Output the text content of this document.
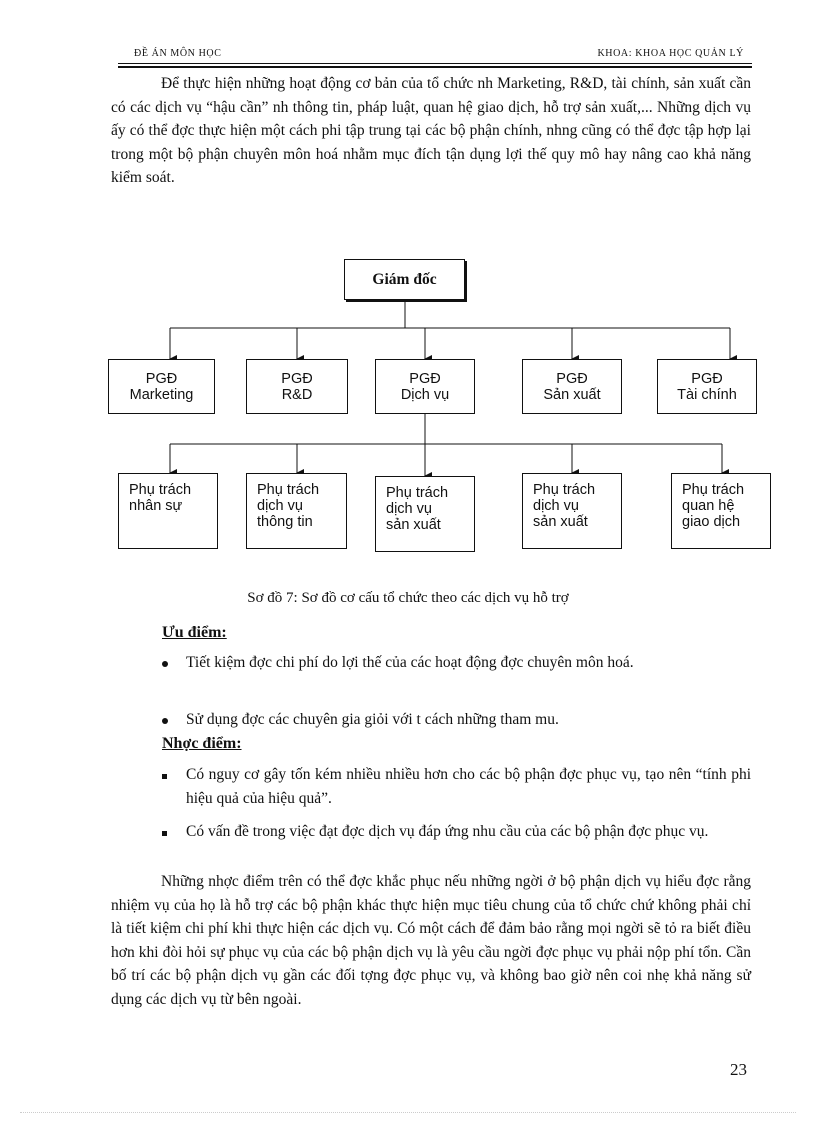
ĐỀ ÁN MÔN HỌC	KHOA: KHOA HỌC QUẢN LÝ

Để thực hiện những hoạt động cơ bản của tổ chức nh Marketing, R&D, tài chính, sản xuất cần có các dịch vụ “hậu cần” nh thông tin, pháp luật, quan hệ giao dịch, hỗ trợ sản xuất,... Những dịch vụ ấy có thể đợc thực hiện một cách phi tập trung tại các bộ phận chính, nhng cũng có thể đợc tập hợp lại trong một bộ phận chuyên môn hoá nhằm mục đích tận dụng lợi thế quy mô hay nâng cao khả năng kiểm soát.

Giám đốc
PGĐ
Marketing
PGĐ
R&D
PGĐ
Dịch vụ
PGĐ
Sản xuất
PGĐ
Tài chính
Phụ trách
nhân sự
Phụ trách
dịch vụ
thông tin
Phụ trách
dịch vụ
sản xuất
Phụ trách
dịch vụ
sản xuất
Phụ trách
quan hệ
giao dịch
Sơ đồ 7: Sơ đồ cơ cấu tổ chức theo các dịch vụ hỗ trợ
Ưu điểm:
Tiết kiệm đợc chi phí do lợi thế của các hoạt động đợc chuyên môn hoá.
Sử dụng đợc các chuyên gia giỏi với t cách những tham mu.
Nhợc điểm:
Có nguy cơ gây tốn kém nhiều nhiều hơn cho các bộ phận đợc phục vụ, tạo nên “tính phi hiệu quả của hiệu quả”.
Có vấn đề trong việc đạt đợc dịch vụ đáp ứng nhu cầu của các bộ phận đợc phục vụ.

Những nhợc điểm trên có thể đợc khắc phục nếu những ngời ở bộ phận dịch vụ hiểu đợc rằng nhiệm vụ của họ là hỗ trợ các bộ phận khác thực hiện mục tiêu chung của tổ chức chứ không phải chỉ là tiết kiệm chi phí khi thực hiện các dịch vụ. Có một cách để đảm bảo rằng mọi ngời sẽ tỏ ra biết điều hơn khi đòi hỏi sự phục vụ của các bộ phận dịch vụ là yêu cầu ngời đợc phục vụ phải nộp phí tổn. Cần bố trí các bộ phận dịch vụ gần các đối tợng đợc phục vụ, và không bao giờ nên coi nhẹ khả năng sử dụng các dịch vụ từ bên ngoài.

23
